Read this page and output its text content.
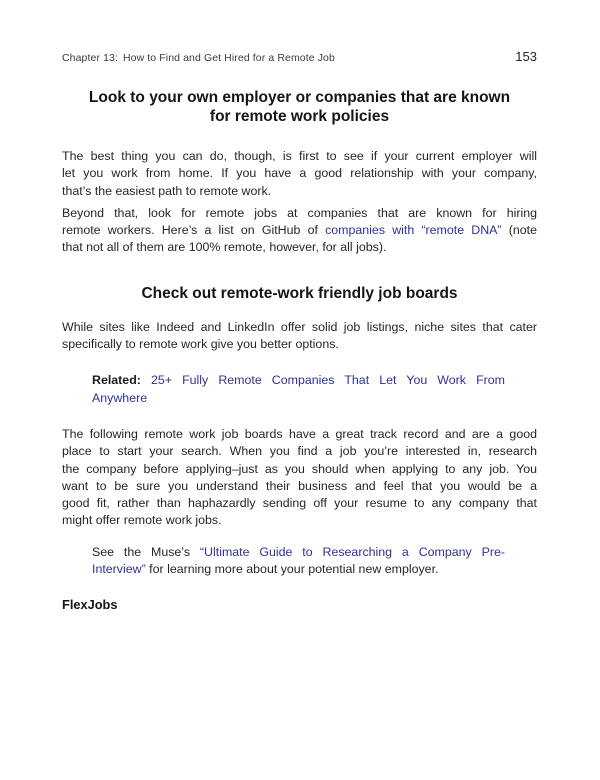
Chapter 13: How to Find and Get Hired for a Remote Job	153
Look to your own employer or companies that are known
for remote work policies
The best thing you can do, though, is first to see if your current employer will
let you work from home. If you have a good relationship with your company,
that’s the easiest path to remote work.
Beyond that, look for remote jobs at companies that are known for hiring
remote workers. Here’s a list on GitHub of companies with “remote DNA” (note
that not all of them are 100% remote, however, for all jobs).
Check out remote-work friendly job boards
While sites like Indeed and LinkedIn offer solid job listings, niche sites that cater
specifically to remote work give you better options.
Related: 25+ Fully Remote Companies That Let You Work From
Anywhere
The following remote work job boards have a great track record and are a good
place to start your search. When you find a job you’re interested in, research
the company before applying–just as you should when applying to any job. You
want to be sure you understand their business and feel that you would be a
good fit, rather than haphazardly sending off your resume to any company that
might offer remote work jobs.
See the Muse’s “Ultimate Guide to Researching a Company Pre-
Interview” for learning more about your potential new employer.
FlexJobs
